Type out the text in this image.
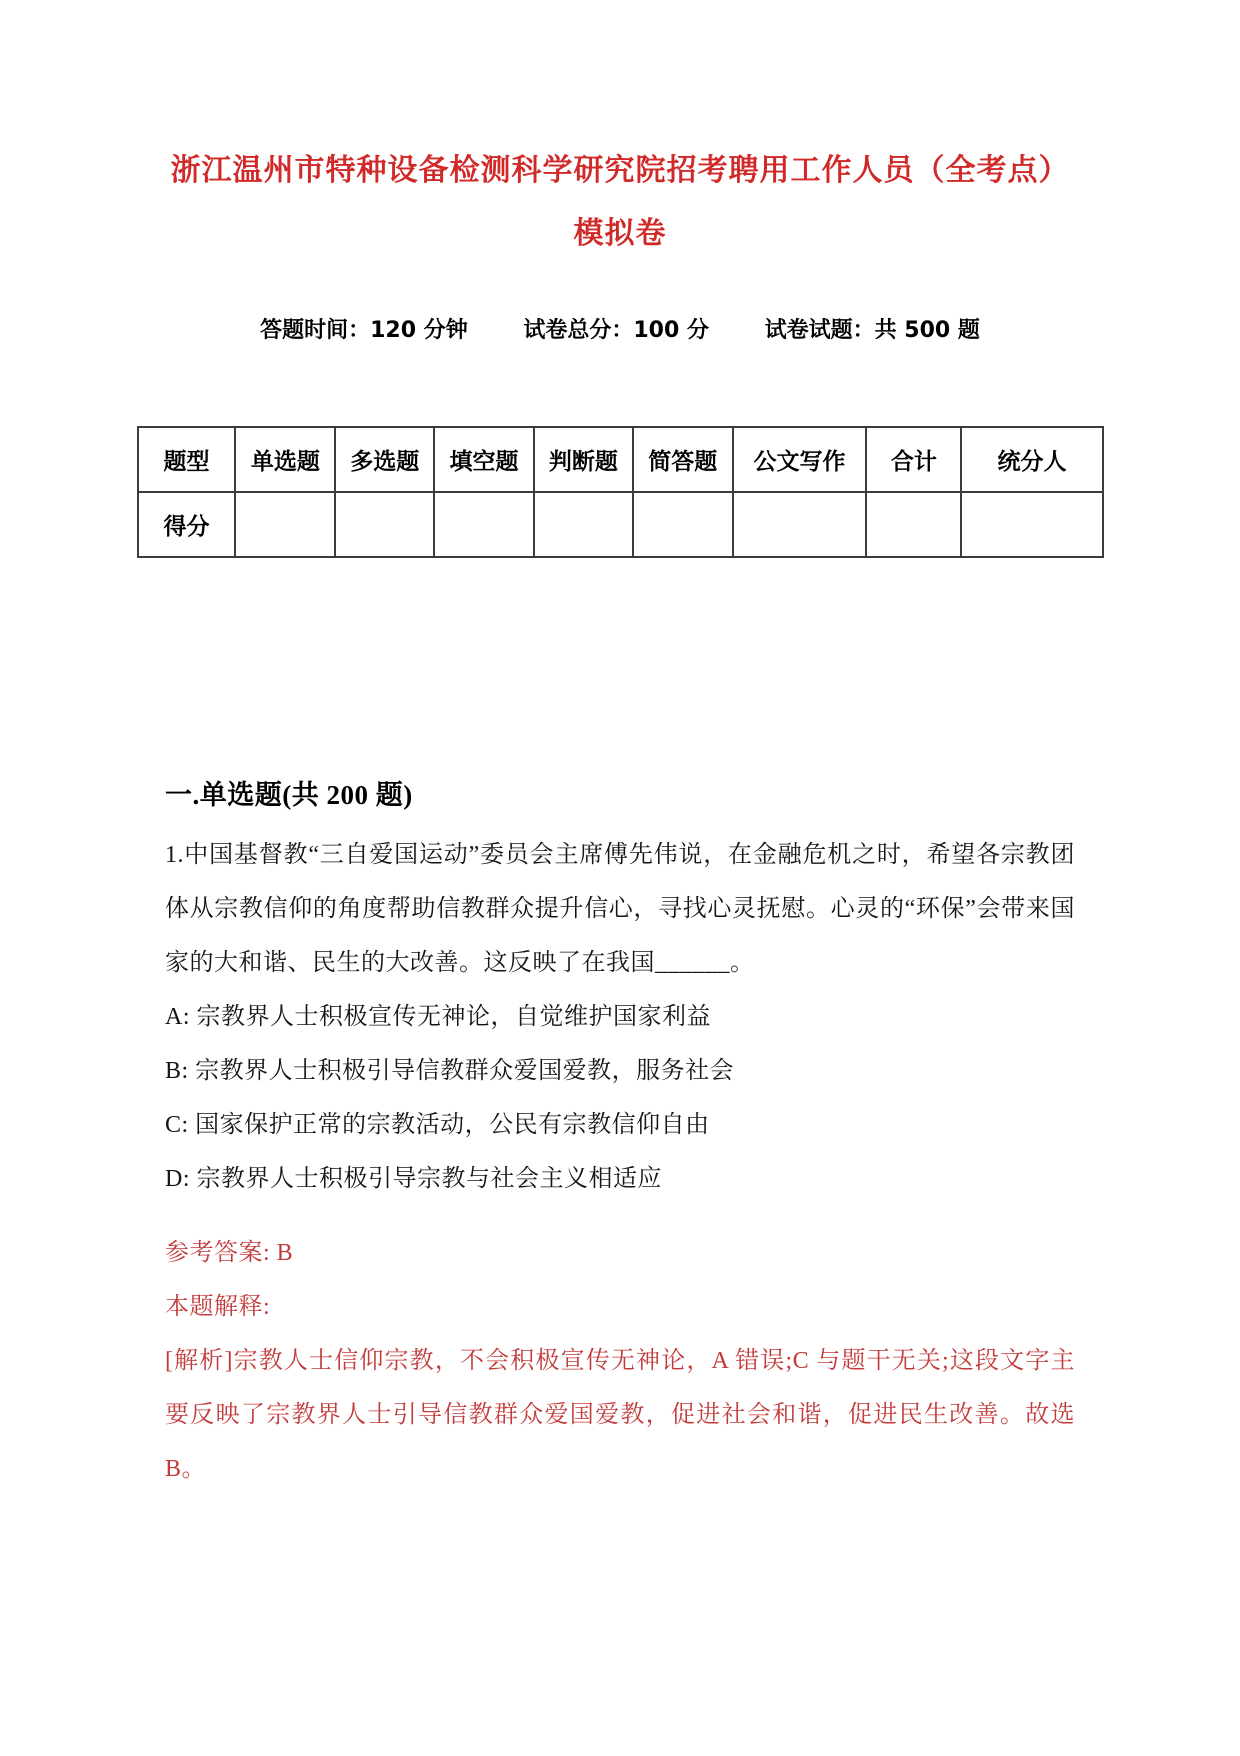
浙江温州市特种设备检测科学研究院招考聘用工作人员（全考点）
模拟卷
答题时间：120 分钟	试卷总分：100 分	试卷试题：共 500 题
题型	单选题	多选题	填空题	判断题	简答题	公文写作	合计	统分人
得分								
一.单选题(共 200 题)
1.中国基督教“三自爱国运动”委员会主席傅先伟说，在金融危机之时，希望各宗教团体从宗教信仰的角度帮助信教群众提升信心，寻找心灵抚慰。心灵的“环保”会带来国家的大和谐、民生的大改善。这反映了在我国______。
A: 宗教界人士积极宣传无神论，自觉维护国家利益
B: 宗教界人士积极引导信教群众爱国爱教，服务社会
C: 国家保护正常的宗教活动，公民有宗教信仰自由
D: 宗教界人士积极引导宗教与社会主义相适应
参考答案: B
本题解释:
[解析]宗教人士信仰宗教，不会积极宣传无神论，A 错误;C 与题干无关;这段文字主要反映了宗教界人士引导信教群众爱国爱教，促进社会和谐，促进民生改善。故选 B。
